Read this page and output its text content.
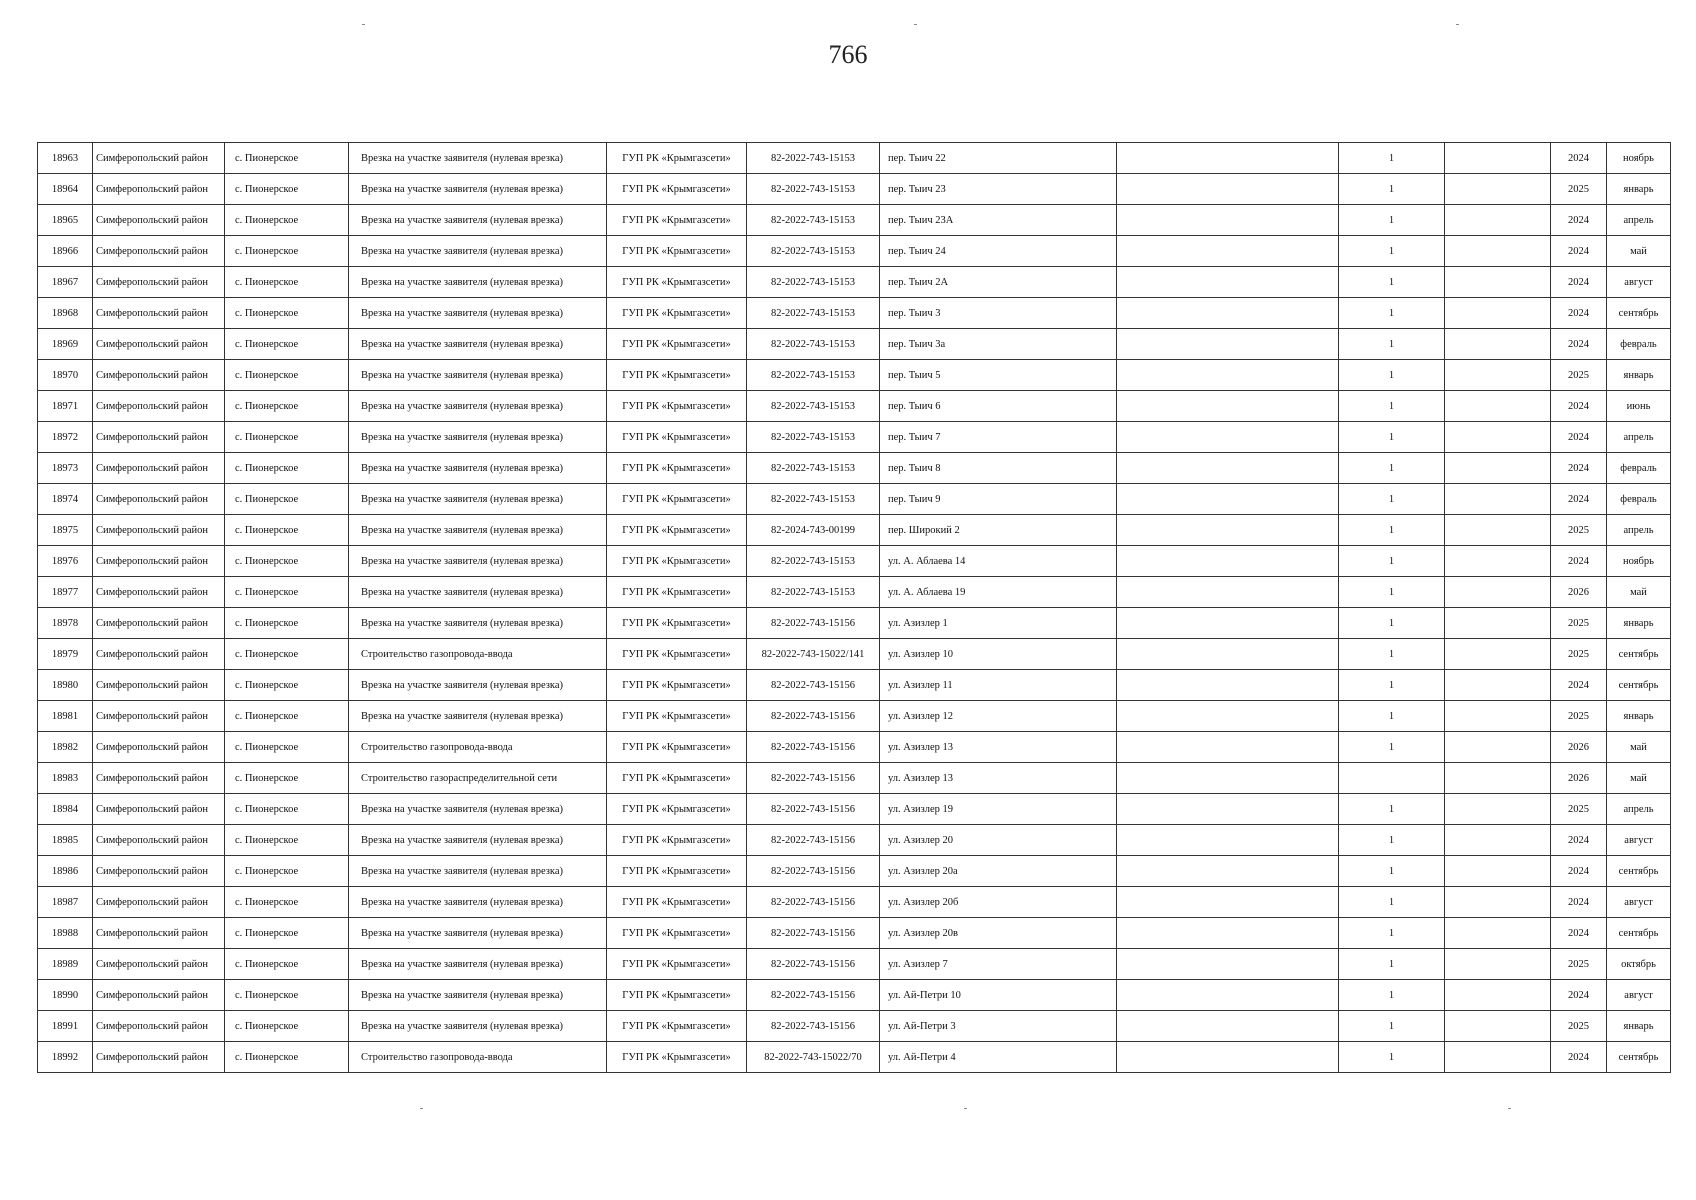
766
18963	Симферопольский район	с. Пионерское	Врезка на участке заявителя (нулевая врезка)	ГУП РК «Крымгазсети»	82-2022-743-15153	пер. Тыич 22		1		2024	ноябрь
18964	Симферопольский район	с. Пионерское	Врезка на участке заявителя (нулевая врезка)	ГУП РК «Крымгазсети»	82-2022-743-15153	пер. Тыич 23		1		2025	январь
18965	Симферопольский район	с. Пионерское	Врезка на участке заявителя (нулевая врезка)	ГУП РК «Крымгазсети»	82-2022-743-15153	пер. Тыич 23А		1		2024	апрель
18966	Симферопольский район	с. Пионерское	Врезка на участке заявителя (нулевая врезка)	ГУП РК «Крымгазсети»	82-2022-743-15153	пер. Тыич 24		1		2024	май
18967	Симферопольский район	с. Пионерское	Врезка на участке заявителя (нулевая врезка)	ГУП РК «Крымгазсети»	82-2022-743-15153	пер. Тыич 2А		1		2024	август
18968	Симферопольский район	с. Пионерское	Врезка на участке заявителя (нулевая врезка)	ГУП РК «Крымгазсети»	82-2022-743-15153	пер. Тыич 3		1		2024	сентябрь
18969	Симферопольский район	с. Пионерское	Врезка на участке заявителя (нулевая врезка)	ГУП РК «Крымгазсети»	82-2022-743-15153	пер. Тыич 3а		1		2024	февраль
18970	Симферопольский район	с. Пионерское	Врезка на участке заявителя (нулевая врезка)	ГУП РК «Крымгазсети»	82-2022-743-15153	пер. Тыич 5		1		2025	январь
18971	Симферопольский район	с. Пионерское	Врезка на участке заявителя (нулевая врезка)	ГУП РК «Крымгазсети»	82-2022-743-15153	пер. Тыич 6		1		2024	июнь
18972	Симферопольский район	с. Пионерское	Врезка на участке заявителя (нулевая врезка)	ГУП РК «Крымгазсети»	82-2022-743-15153	пер. Тыич 7		1		2024	апрель
18973	Симферопольский район	с. Пионерское	Врезка на участке заявителя (нулевая врезка)	ГУП РК «Крымгазсети»	82-2022-743-15153	пер. Тыич 8		1		2024	февраль
18974	Симферопольский район	с. Пионерское	Врезка на участке заявителя (нулевая врезка)	ГУП РК «Крымгазсети»	82-2022-743-15153	пер. Тыич 9		1		2024	февраль
18975	Симферопольский район	с. Пионерское	Врезка на участке заявителя (нулевая врезка)	ГУП РК «Крымгазсети»	82-2024-743-00199	пер. Широкий 2		1		2025	апрель
18976	Симферопольский район	с. Пионерское	Врезка на участке заявителя (нулевая врезка)	ГУП РК «Крымгазсети»	82-2022-743-15153	ул. А. Аблаева 14		1		2024	ноябрь
18977	Симферопольский район	с. Пионерское	Врезка на участке заявителя (нулевая врезка)	ГУП РК «Крымгазсети»	82-2022-743-15153	ул. А. Аблаева 19		1		2026	май
18978	Симферопольский район	с. Пионерское	Врезка на участке заявителя (нулевая врезка)	ГУП РК «Крымгазсети»	82-2022-743-15156	ул. Азизлер 1		1		2025	январь
18979	Симферопольский район	с. Пионерское	Строительство газопровода-ввода	ГУП РК «Крымгазсети»	82-2022-743-15022/141	ул. Азизлер 10		1		2025	сентябрь
18980	Симферопольский район	с. Пионерское	Врезка на участке заявителя (нулевая врезка)	ГУП РК «Крымгазсети»	82-2022-743-15156	ул. Азизлер 11		1		2024	сентябрь
18981	Симферопольский район	с. Пионерское	Врезка на участке заявителя (нулевая врезка)	ГУП РК «Крымгазсети»	82-2022-743-15156	ул. Азизлер 12		1		2025	январь
18982	Симферопольский район	с. Пионерское	Строительство газопровода-ввода	ГУП РК «Крымгазсети»	82-2022-743-15156	ул. Азизлер 13		1		2026	май
18983	Симферопольский район	с. Пионерское	Строительство газораспределительной сети	ГУП РК «Крымгазсети»	82-2022-743-15156	ул. Азизлер 13				2026	май
18984	Симферопольский район	с. Пионерское	Врезка на участке заявителя (нулевая врезка)	ГУП РК «Крымгазсети»	82-2022-743-15156	ул. Азизлер 19		1		2025	апрель
18985	Симферопольский район	с. Пионерское	Врезка на участке заявителя (нулевая врезка)	ГУП РК «Крымгазсети»	82-2022-743-15156	ул. Азизлер 20		1		2024	август
18986	Симферопольский район	с. Пионерское	Врезка на участке заявителя (нулевая врезка)	ГУП РК «Крымгазсети»	82-2022-743-15156	ул. Азизлер 20а		1		2024	сентябрь
18987	Симферопольский район	с. Пионерское	Врезка на участке заявителя (нулевая врезка)	ГУП РК «Крымгазсети»	82-2022-743-15156	ул. Азизлер 20б		1		2024	август
18988	Симферопольский район	с. Пионерское	Врезка на участке заявителя (нулевая врезка)	ГУП РК «Крымгазсети»	82-2022-743-15156	ул. Азизлер 20в		1		2024	сентябрь
18989	Симферопольский район	с. Пионерское	Врезка на участке заявителя (нулевая врезка)	ГУП РК «Крымгазсети»	82-2022-743-15156	ул. Азизлер 7		1		2025	октябрь
18990	Симферопольский район	с. Пионерское	Врезка на участке заявителя (нулевая врезка)	ГУП РК «Крымгазсети»	82-2022-743-15156	ул. Ай-Петри 10		1		2024	август
18991	Симферопольский район	с. Пионерское	Врезка на участке заявителя (нулевая врезка)	ГУП РК «Крымгазсети»	82-2022-743-15156	ул. Ай-Петри 3		1		2025	январь
18992	Симферопольский район	с. Пионерское	Строительство газопровода-ввода	ГУП РК «Крымгазсети»	82-2022-743-15022/70	ул. Ай-Петри 4		1		2024	сентябрь
